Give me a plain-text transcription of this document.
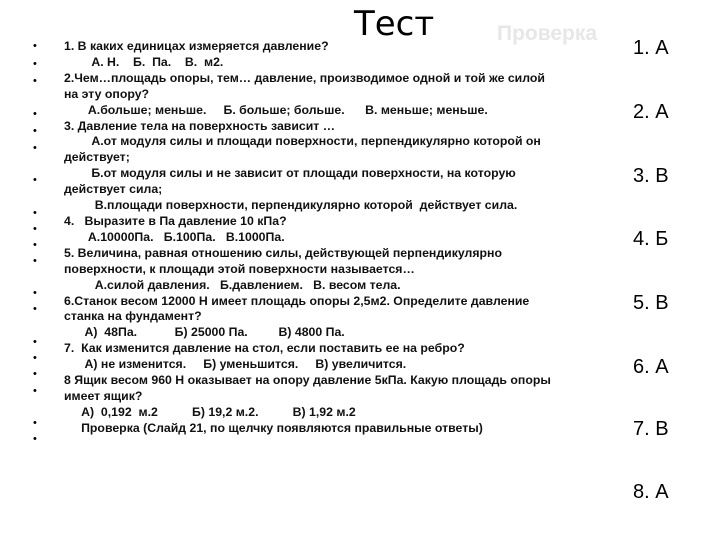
Тест	Проверка
•
•
•
•
•
•
•
•
•
•
•
•
•
•
•
•
•
•
•
1. В каких единицах измеряется давление?
А. Н.    Б.  Па.    В.  м2.
2.Чем…площадь опоры, тем… давление, производимое одной и той же силой
на эту опору?
А.больше; меньше.     Б. больше; больше.      В. меньше; меньше.
3. Давление тела на поверхность зависит …
А.от модуля силы и площади поверхности, перпендикулярно которой он
действует;
Б.от модуля силы и не зависит от площади поверхности, на которую
действует сила;
В.площади поверхности, перпендикулярно которой  действует сила.
4.   Выразите в Па давление 10 кПа?
А.10000Па.   Б.100Па.   В.1000Па.
5. Величина, равная отношению силы, действующей перпендикулярно
поверхности, к площади этой поверхности называется…
А.силой давления.   Б.давлением.   В. весом тела.
6.Станок весом 12000 Н имеет площадь опоры 2,5м2. Определите давление
станка на фундамент?
А)  48Па.           Б) 25000 Па.         В) 4800 Па.
7.  Как изменится давление на стол, если поставить ее на ребро?
А) не изменится.     Б) уменьшится.     В) увеличится.
8 Ящик весом 960 Н оказывает на опору давление 5кПа. Какую площадь опоры
имеет ящик?
А)  0,192  м.2          Б) 19,2 м.2.          В) 1,92 м.2
Проверка (Слайд 21, по щелчку появляются правильные ответы)
1. А
2. А
3. В
4. Б
5. В
6. А
7. В
8. А
